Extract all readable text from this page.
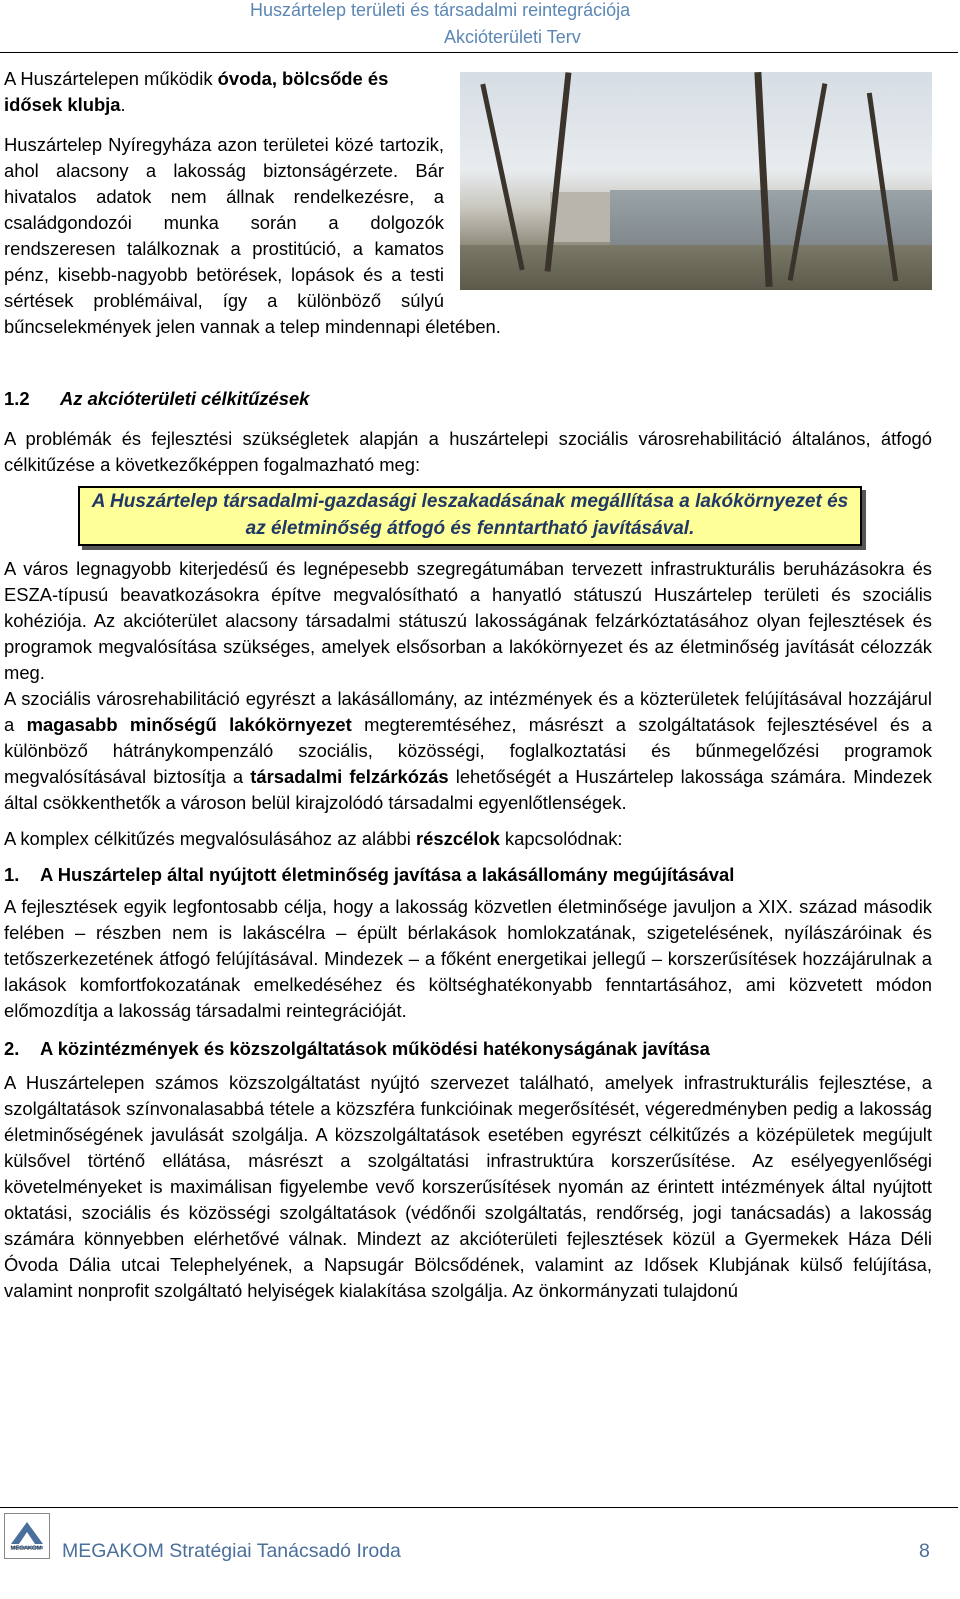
Huszártelep területi és társadalmi reintegrációja
Akcióterületi Terv

A Huszártelepen működik óvoda, bölcsőde és idősek klubja.

Huszártelep Nyíregyháza azon területei közé tartozik, ahol alacsony a lakosság biztonságérzete. Bár hivatalos adatok nem állnak rendelkezésre, a családgondozói munka során a dolgozók rendszeresen találkoznak a prostitúció, a kamatos pénz, kisebb-nagyobb betörések, lopások és a testi sértések problémáival, így a különböző súlyú bűncselekmények jelen vannak a telep mindennapi életében.

1.2 Az akcióterületi célkitűzések

A problémák és fejlesztési szükségletek alapján a huszártelepi szociális városrehabilitáció általános, átfogó célkitűzése a következőképpen fogalmazható meg:

A Huszártelep társadalmi-gazdasági leszakadásának megállítása a lakókörnyezet és az életminőség átfogó és fenntartható javításával.

A város legnagyobb kiterjedésű és legnépesebb szegregátumában tervezett infrastrukturális beruházásokra és ESZA-típusú beavatkozásokra építve megvalósítható a hanyatló státuszú Huszártelep területi és szociális kohéziója. Az akcióterület alacsony társadalmi státuszú lakosságának felzárkóztatásához olyan fejlesztések és programok megvalósítása szükséges, amelyek elsősorban a lakókörnyezet és az életminőség javítását célozzák meg.

A szociális városrehabilitáció egyrészt a lakásállomány, az intézmények és a közterületek felújításával hozzájárul a magasabb minőségű lakókörnyezet megteremtéséhez, másrészt a szolgáltatások fejlesztésével és a különböző hátránykompenzáló szociális, közösségi, foglalkoztatási és bűnmegelőzési programok megvalósításával biztosítja a társadalmi felzárkózás lehetőségét a Huszártelep lakossága számára. Mindezek által csökkenthetők a városon belül kirajzolódó társadalmi egyenlőtlenségek.

A komplex célkitűzés megvalósulásához az alábbi részcélok kapcsolódnak:

1. A Huszártelep által nyújtott életminőség javítása a lakásállomány megújításával

A fejlesztések egyik legfontosabb célja, hogy a lakosság közvetlen életminősége javuljon a XIX. század második felében – részben nem is lakáscélra – épült bérlakások homlokzatának, szigetelésének, nyílászáróinak és tetőszerkezetének átfogó felújításával. Mindezek – a főként energetikai jellegű – korszerűsítések hozzájárulnak a lakások komfortfokozatának emelkedéséhez és költséghatékonyabb fenntartásához, ami közvetett módon előmozdítja a lakosság társadalmi reintegrációját.

2. A közintézmények és közszolgáltatások működési hatékonyságának javítása

A Huszártelepen számos közszolgáltatást nyújtó szervezet található, amelyek infrastrukturális fejlesztése, a szolgáltatások színvonalasabbá tétele a közszféra funkcióinak megerősítését, végeredményben pedig a lakosság életminőségének javulását szolgálja. A közszolgáltatások esetében egyrészt célkitűzés a középületek megújult külsővel történő ellátása, másrészt a szolgáltatási infrastruktúra korszerűsítése. Az esélyegyenlőségi követelményeket is maximálisan figyelembe vevő korszerűsítések nyomán az érintett intézmények által nyújtott oktatási, szociális és közösségi szolgáltatások (védőnői szolgáltatás, rendőrség, jogi tanácsadás) a lakosság számára könnyebben elérhetővé válnak. Mindezt az akcióterületi fejlesztések közül a Gyermekek Háza Déli Óvoda Dália utcai Telephelyének, a Napsugár Bölcsődének, valamint az Idősek Klubjának külső felújítása, valamint nonprofit szolgáltató helyiségek kialakítása szolgálja. Az önkormányzati tulajdonú

MEGAKOM MEGAKOM Stratégiai Tanácsadó Iroda	8
